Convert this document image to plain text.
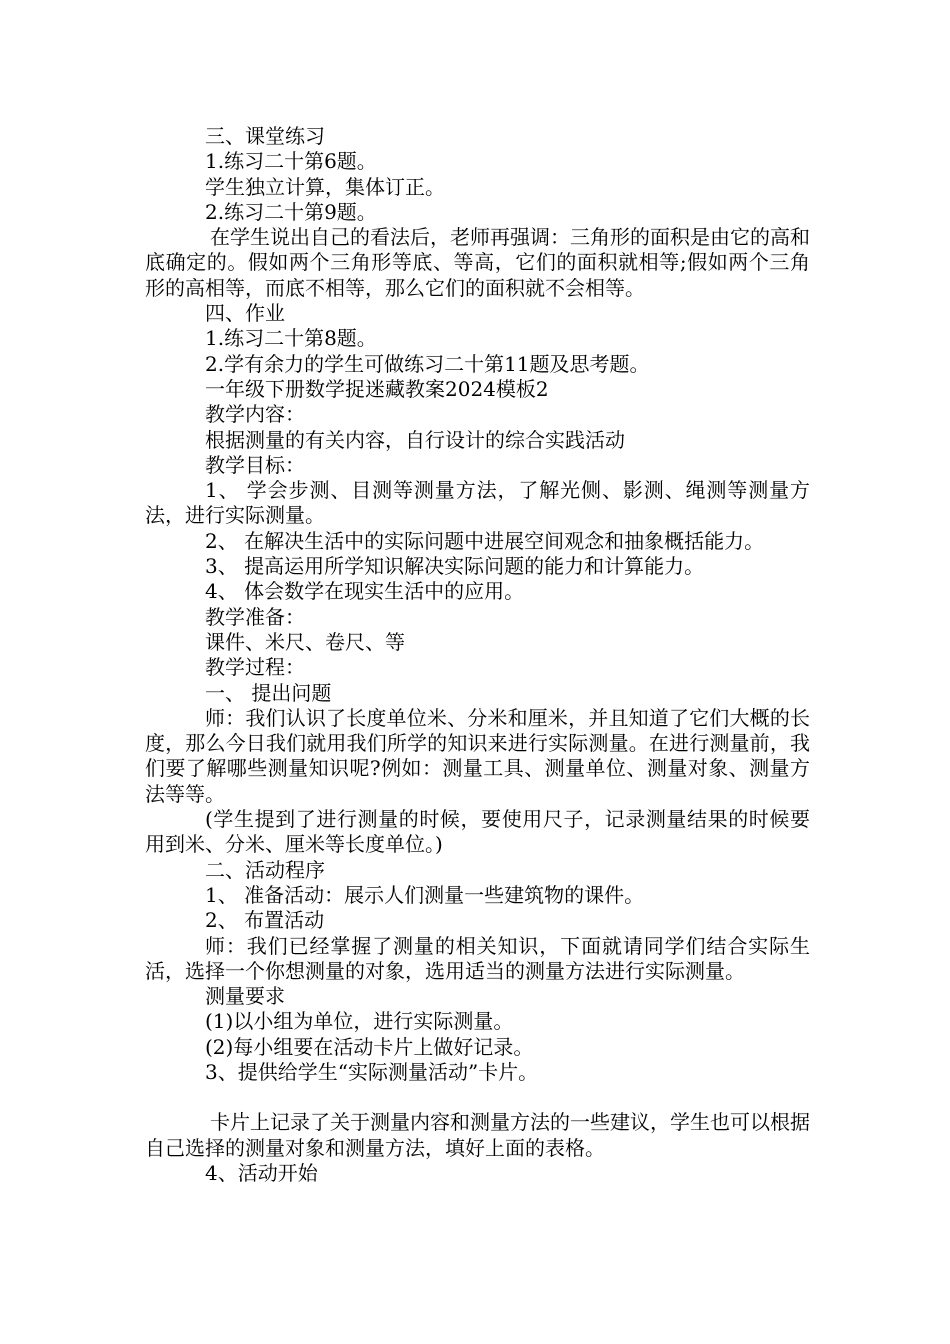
三、课堂练习
1.练习二十第6题。
学生独立计算，集体订正。
2.练习二十第9题。
在学生说出自己的看法后，老师再强调：三角形的面积是由它的高和底确定的。假如两个三角形等底、等高，它们的面积就相等;假如两个三角形的高相等，而底不相等，那么它们的面积就不会相等。
四、作业
1.练习二十第8题。
2.学有余力的学生可做练习二十第11题及思考题。
一年级下册数学捉迷藏教案2024模板2
教学内容：
根据测量的有关内容，自行设计的综合实践活动
教学目标：
1、 学会步测、目测等测量方法，了解光侧、影测、绳测等测量方法，进行实际测量。
2、 在解决生活中的实际问题中进展空间观念和抽象概括能力。
3、 提高运用所学知识解决实际问题的能力和计算能力。
4、 体会数学在现实生活中的应用。
教学准备：
课件、米尺、卷尺、等
教学过程：
一、 提出问题
师：我们认识了长度单位米、分米和厘米，并且知道了它们大概的长度，那么今日我们就用我们所学的知识来进行实际测量。在进行测量前，我们要了解哪些测量知识呢?例如：测量工具、测量单位、测量对象、测量方法等等。
(学生提到了进行测量的时候，要使用尺子，记录测量结果的时候要用到米、分米、厘米等长度单位。)
二、活动程序
1、 准备活动：展示人们测量一些建筑物的课件。
2、 布置活动
师：我们已经掌握了测量的相关知识，下面就请同学们结合实际生活，选择一个你想测量的对象，选用适当的测量方法进行实际测量。
测量要求
(1)以小组为单位，进行实际测量。
(2)每小组要在活动卡片上做好记录。
3、提供给学生“实际测量活动”卡片。
卡片上记录了关于测量内容和测量方法的一些建议，学生也可以根据自己选择的测量对象和测量方法，填好上面的表格。
4、活动开始
